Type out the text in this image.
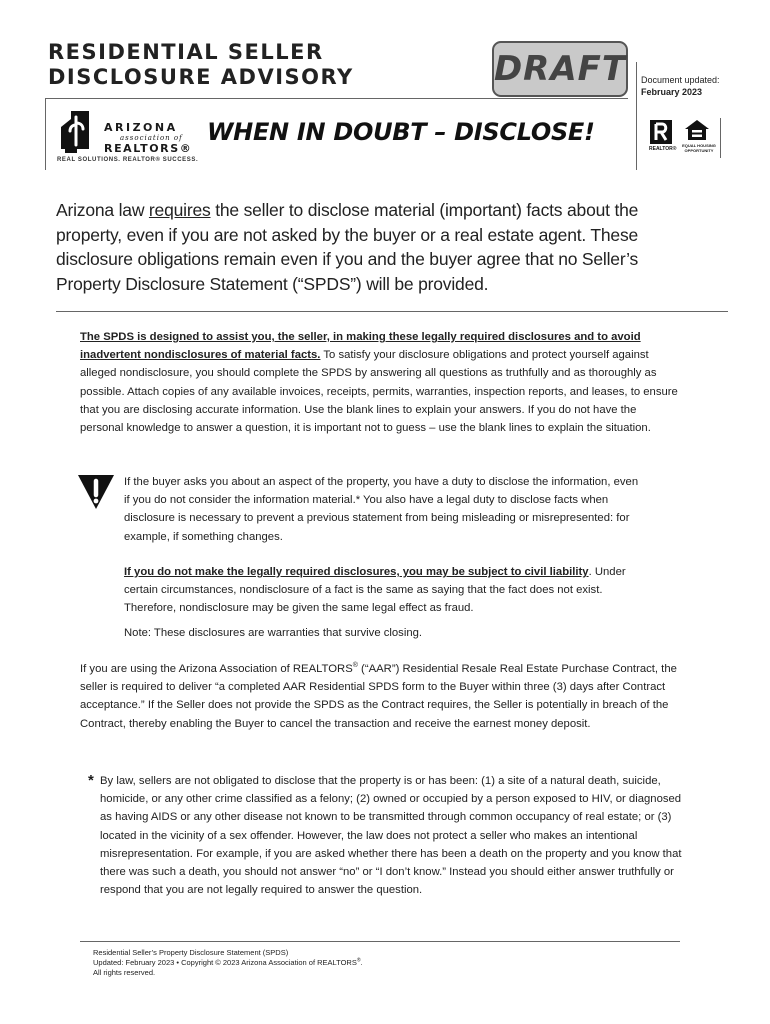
RESIDENTIAL SELLER
DISCLOSURE ADVISORY	DRAFT Document updated:
February 2023
ARIZONA
association of
REALTORS®
REAL SOLUTIONS. REALTOR® SUCCESS.
WHEN IN DOUBT – DISCLOSE!
REALTOR®
EQUAL HOUSING OPPORTUNITY
Arizona law requires the seller to disclose material (important) facts about the property, even if you are not asked by the buyer or a real estate agent. These disclosure obligations remain even if you and the buyer agree that no Seller’s Property Disclosure Statement (“SPDS”) will be provided.
The SPDS is designed to assist you, the seller, in making these legally required disclosures and to avoid inadvertent nondisclosures of material facts. To satisfy your disclosure obligations and protect yourself against alleged nondisclosure, you should complete the SPDS by answering all questions as truthfully and as thoroughly as possible. Attach copies of any available invoices, receipts, permits, warranties, inspection reports, and leases, to ensure that you are disclosing accurate information. Use the blank lines to explain your answers. If you do not have the personal knowledge to answer a question, it is important not to guess – use the blank lines to explain the situation.
If the buyer asks you about an aspect of the property, you have a duty to disclose the information, even if you do not consider the information material.* You also have a legal duty to disclose facts when disclosure is necessary to prevent a previous statement from being misleading or misrepresented: for example, if something changes.
If you do not make the legally required disclosures, you may be subject to civil liability. Under certain circumstances, nondisclosure of a fact is the same as saying that the fact does not exist. Therefore, nondisclosure may be given the same legal effect as fraud.
Note: These disclosures are warranties that survive closing.
If you are using the Arizona Association of REALTORS® (“AAR”) Residential Resale Real Estate Purchase Contract, the seller is required to deliver “a completed AAR Residential SPDS form to the Buyer within three (3) days after Contract acceptance.” If the Seller does not provide the SPDS as the Contract requires, the Seller is potentially in breach of the Contract, thereby enabling the Buyer to cancel the transaction and receive the earnest money deposit.
* By law, sellers are not obligated to disclose that the property is or has been: (1) a site of a natural death, suicide, homicide, or any other crime classified as a felony; (2) owned or occupied by a person exposed to HIV, or diagnosed as having AIDS or any other disease not known to be transmitted through common occupancy of real estate; or (3) located in the vicinity of a sex offender. However, the law does not protect a seller who makes an intentional misrepresentation. For example, if you are asked whether there has been a death on the property and you know that there was such a death, you should not answer “no” or “I don’t know.” Instead you should either answer truthfully or respond that you are not legally required to answer the question.
Residential Seller’s Property Disclosure Statement (SPDS)
Updated: February 2023 • Copyright © 2023 Arizona Association of REALTORS®.
All rights reserved.
